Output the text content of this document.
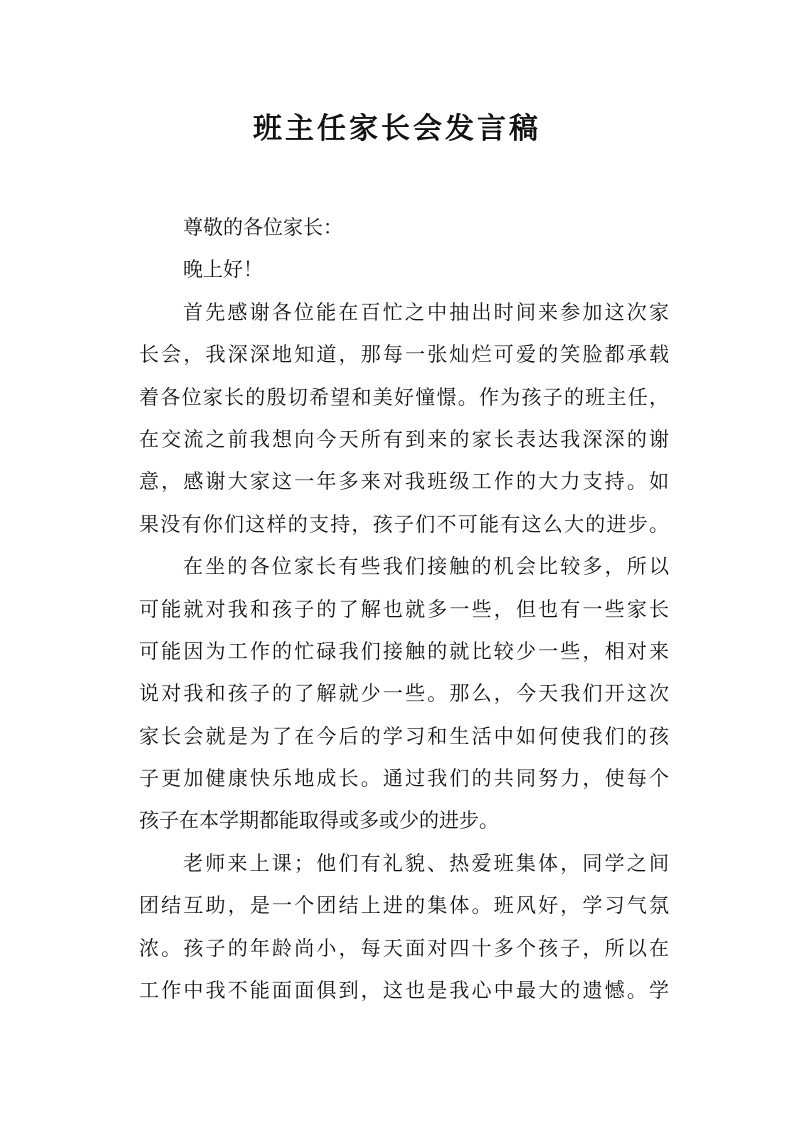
班主任家长会发言稿
尊敬的各位家长：
晚上好！
首先感谢各位能在百忙之中抽出时间来参加这次家
长会，我深深地知道，那每一张灿烂可爱的笑脸都承载
着各位家长的殷切希望和美好憧憬。作为孩子的班主任，
在交流之前我想向今天所有到来的家长表达我深深的谢
意，感谢大家这一年多来对我班级工作的大力支持。如
果没有你们这样的支持，孩子们不可能有这么大的进步。
在坐的各位家长有些我们接触的机会比较多，所以
可能就对我和孩子的了解也就多一些，但也有一些家长
可能因为工作的忙碌我们接触的就比较少一些，相对来
说对我和孩子的了解就少一些。那么，今天我们开这次
家长会就是为了在今后的学习和生活中如何使我们的孩
子更加健康快乐地成长。通过我们的共同努力，使每个
孩子在本学期都能取得或多或少的进步。
老师来上课；他们有礼貌、热爱班集体，同学之间
团结互助，是一个团结上进的集体。班风好，学习气氛
浓。孩子的年龄尚小，每天面对四十多个孩子，所以在
工作中我不能面面俱到，这也是我心中最大的遗憾。学
